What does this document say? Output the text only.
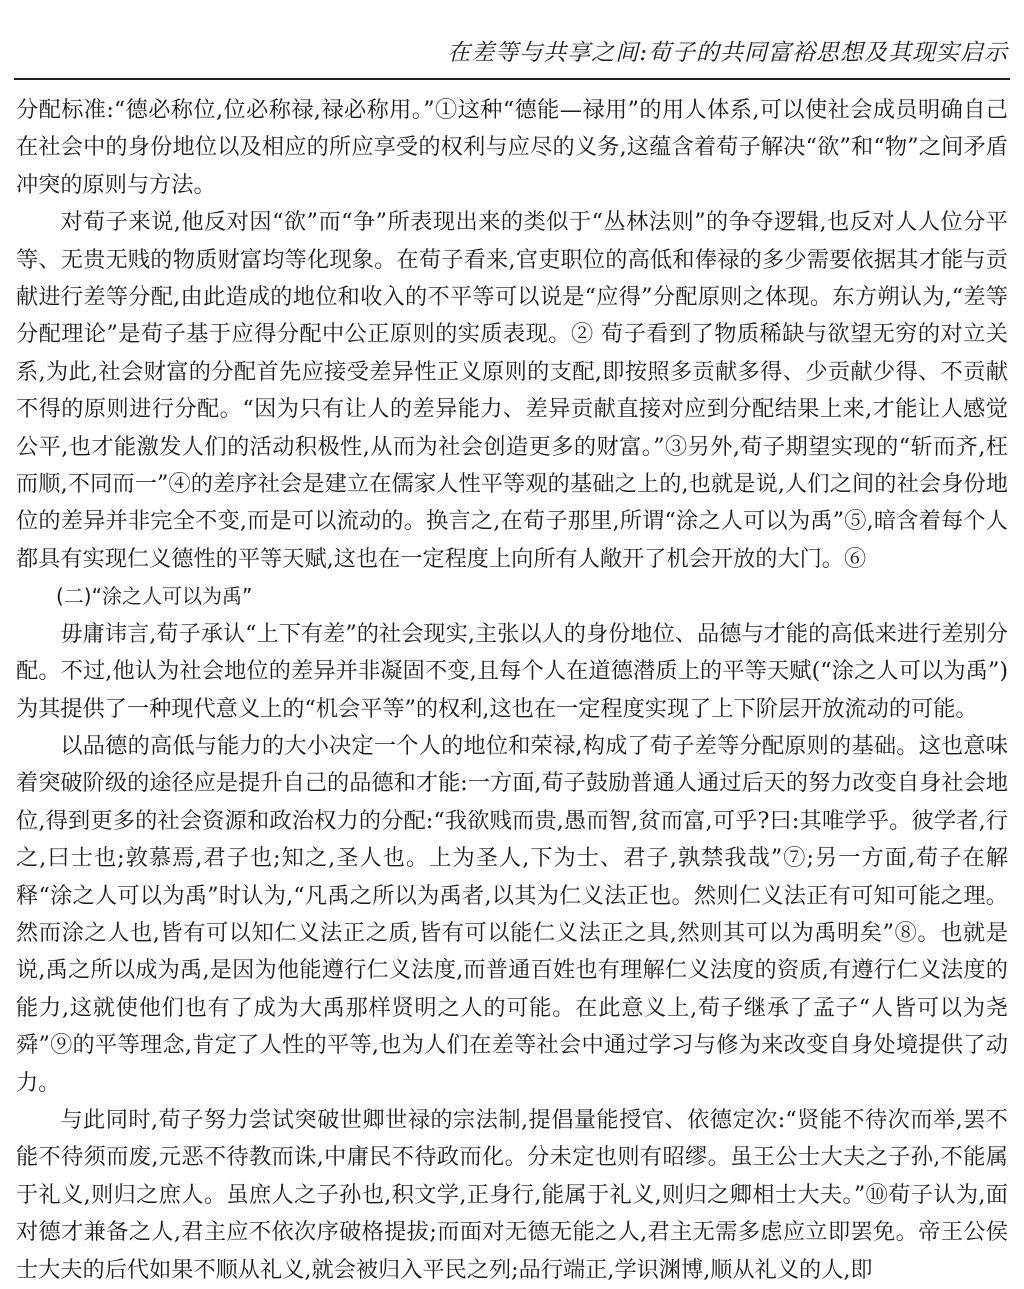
在差等与共享之间:荀子的共同富裕思想及其现实启示

分配标准:“德必称位,位必称禄,禄必称用。”①这种“德能—禄用”的用人体系,可以使社会成员明确自己在社会中的身份地位以及相应的所应享受的权利与应尽的义务,这蕴含着荀子解决“欲”和“物”之间矛盾冲突的原则与方法。

对荀子来说,他反对因“欲”而“争”所表现出来的类似于“丛林法则”的争夺逻辑,也反对人人位分平等、无贵无贱的物质财富均等化现象。在荀子看来,官吏职位的高低和俸禄的多少需要依据其才能与贡献进行差等分配,由此造成的地位和收入的不平等可以说是“应得”分配原则之体现。东方朔认为,“差等分配理论”是荀子基于应得分配中公正原则的实质表现。② 荀子看到了物质稀缺与欲望无穷的对立关系,为此,社会财富的分配首先应接受差异性正义原则的支配,即按照多贡献多得、少贡献少得、不贡献不得的原则进行分配。“因为只有让人的差异能力、差异贡献直接对应到分配结果上来,才能让人感觉公平,也才能激发人们的活动积极性,从而为社会创造更多的财富。”③另外,荀子期望实现的“斩而齐,枉而顺,不同而一”④的差序社会是建立在儒家人性平等观的基础之上的,也就是说,人们之间的社会身份地位的差异并非完全不变,而是可以流动的。换言之,在荀子那里,所谓“涂之人可以为禹”⑤,暗含着每个人都具有实现仁义德性的平等天赋,这也在一定程度上向所有人敞开了机会开放的大门。⑥

(二)“涂之人可以为禹”

毋庸讳言,荀子承认“上下有差”的社会现实,主张以人的身份地位、品德与才能的高低来进行差别分配。不过,他认为社会地位的差异并非凝固不变,且每个人在道德潜质上的平等天赋(“涂之人可以为禹”)为其提供了一种现代意义上的“机会平等”的权利,这也在一定程度实现了上下阶层开放流动的可能。

以品德的高低与能力的大小决定一个人的地位和荣禄,构成了荀子差等分配原则的基础。这也意味着突破阶级的途径应是提升自己的品德和才能:一方面,荀子鼓励普通人通过后天的努力改变自身社会地位,得到更多的社会资源和政治权力的分配:“我欲贱而贵,愚而智,贫而富,可乎?曰:其唯学乎。彼学者,行之,曰士也;敦慕焉,君子也;知之,圣人也。上为圣人,下为士、君子,孰禁我哉”⑦;另一方面,荀子在解释“涂之人可以为禹”时认为,“凡禹之所以为禹者,以其为仁义法正也。然则仁义法正有可知可能之理。然而涂之人也,皆有可以知仁义法正之质,皆有可以能仁义法正之具,然则其可以为禹明矣”⑧。也就是说,禹之所以成为禹,是因为他能遵行仁义法度,而普通百姓也有理解仁义法度的资质,有遵行仁义法度的能力,这就使他们也有了成为大禹那样贤明之人的可能。在此意义上,荀子继承了孟子“人皆可以为尧舜”⑨的平等理念,肯定了人性的平等,也为人们在差等社会中通过学习与修为来改变自身处境提供了动力。

与此同时,荀子努力尝试突破世卿世禄的宗法制,提倡量能授官、依德定次:“贤能不待次而举,罢不能不待须而废,元恶不待教而诛,中庸民不待政而化。分未定也则有昭缪。虽王公士大夫之子孙,不能属于礼义,则归之庶人。虽庶人之子孙也,积文学,正身行,能属于礼义,则归之卿相士大夫。”⑩荀子认为,面对德才兼备之人,君主应不依次序破格提拔;而面对无德无能之人,君主无需多虑应立即罢免。帝王公侯士大夫的后代如果不顺从礼义,就会被归入平民之列;品行端正,学识渊博,顺从礼义的人,即
